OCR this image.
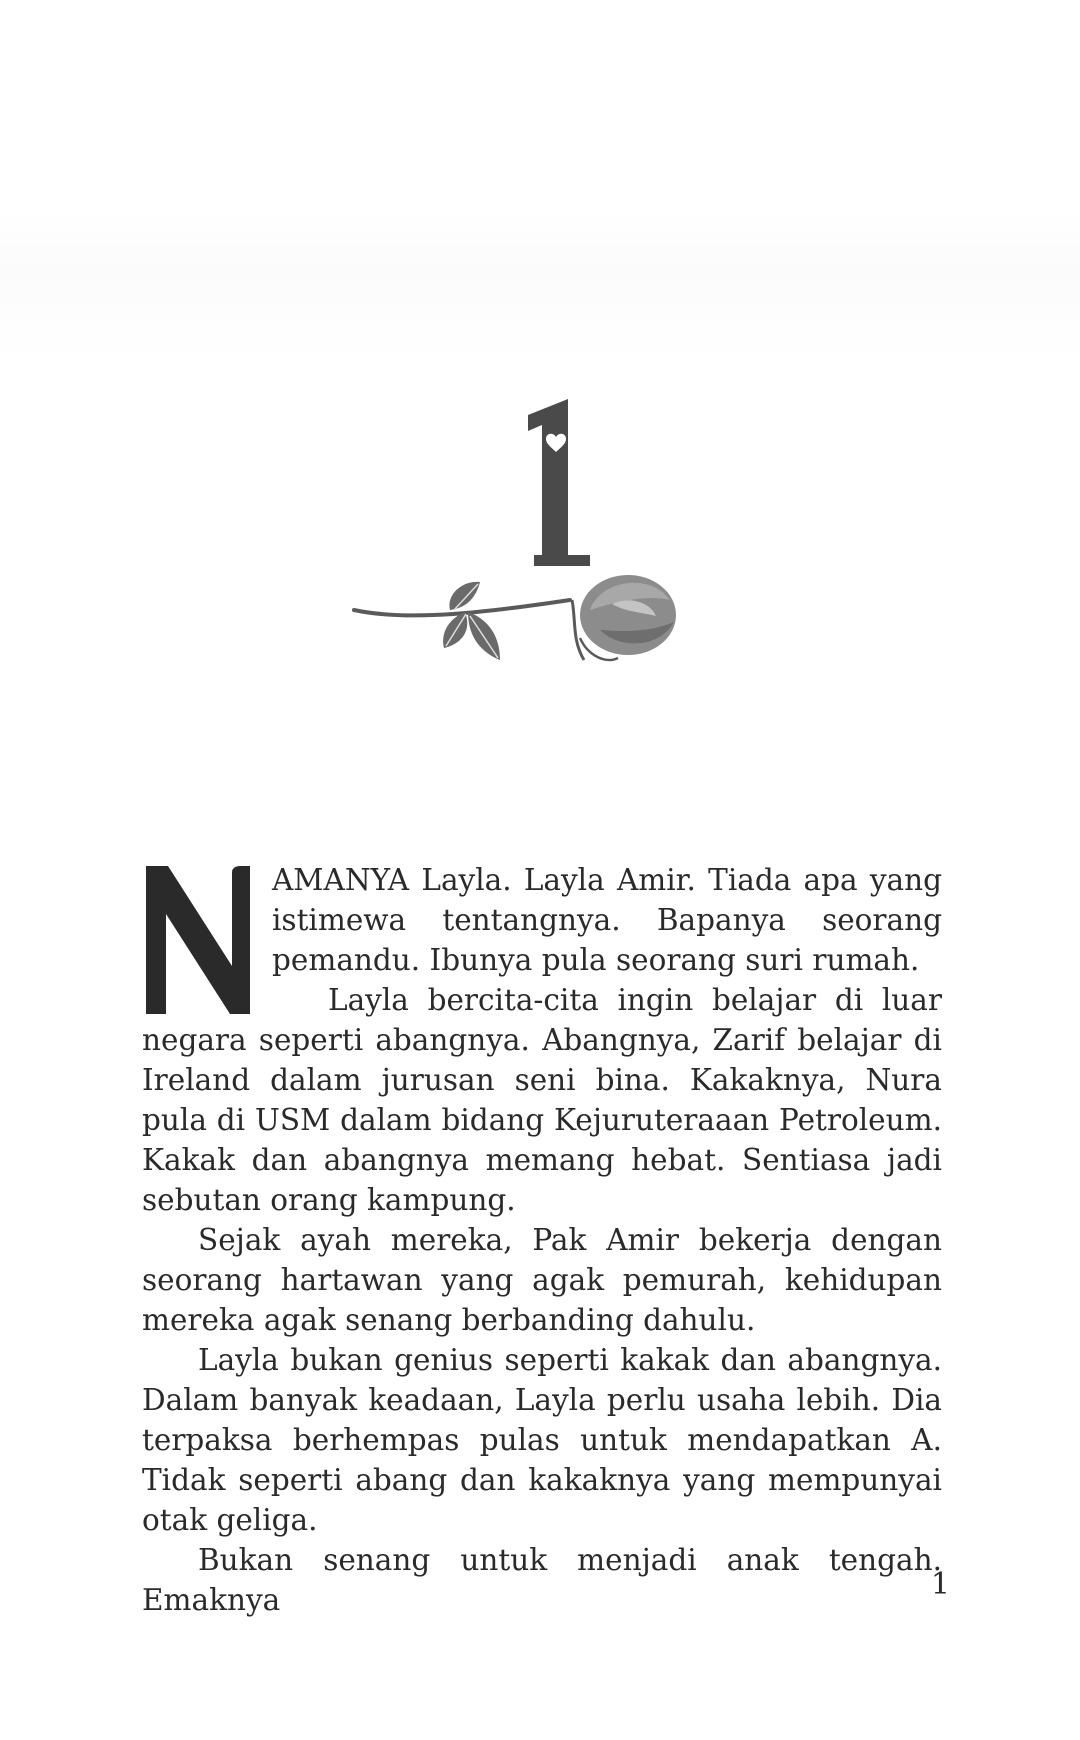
AMANYA Layla. Layla Amir. Tiada apa yang istimewa tentangnya. Bapanya seorang pemandu. Ibunya pula seorang suri rumah.

Layla bercita-cita ingin belajar di luar negara seperti abangnya. Abangnya, Zarif belajar di Ireland dalam jurusan seni bina. Kakaknya, Nura pula di USM dalam bidang Kejuruteraaan Petroleum. Kakak dan abangnya memang hebat. Sentiasa jadi sebutan orang kampung.

Sejak ayah mereka, Pak Amir bekerja dengan seorang hartawan yang agak pemurah, kehidupan mereka agak senang berbanding dahulu.

Layla bukan genius seperti kakak dan abangnya. Dalam banyak keadaan, Layla perlu usaha lebih. Dia terpaksa berhempas pulas untuk mendapatkan A. Tidak seperti abang dan kakaknya yang mempunyai otak geliga.

Bukan senang untuk menjadi anak tengah. Emaknya	1
